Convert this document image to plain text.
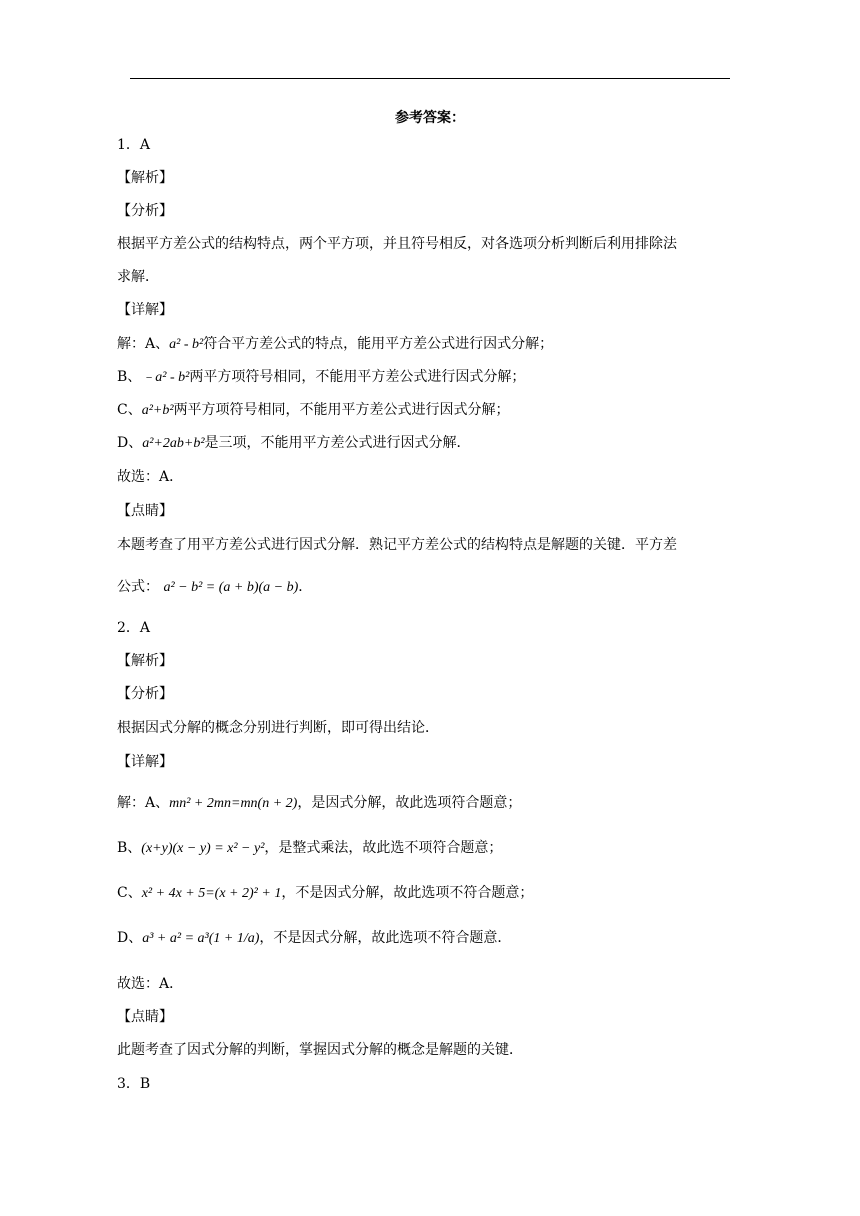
参考答案：
1．A
【解析】
【分析】
根据平方差公式的结构特点，两个平方项，并且符号相反，对各选项分析判断后利用排除法
求解．
【详解】
解：A、a² ‐ b²符合平方差公式的特点，能用平方差公式进行因式分解；
B、﹣a² ‐ b²两平方项符号相同，不能用平方差公式进行因式分解；
C、a²+b²两平方项符号相同，不能用平方差公式进行因式分解；
D、a²+2ab+b²是三项，不能用平方差公式进行因式分解．
故选：A．
【点睛】
本题考查了用平方差公式进行因式分解．熟记平方差公式的结构特点是解题的关键．平方差
公式： a² − b² = (a + b)(a − b)．
2．A
【解析】
【分析】
根据因式分解的概念分别进行判断，即可得出结论．
【详解】
解：A、mn² + 2mn=mn(n + 2)，是因式分解，故此选项符合题意；
B、(x+y)(x − y) = x² − y²，是整式乘法，故此选不项符合题意；
C、x² + 4x + 5=(x + 2)² + 1，不是因式分解，故此选项不符合题意；
D、a³ + a² = a³(1 + 1/a)，不是因式分解，故此选项不符合题意．
故选：A．
【点睛】
此题考查了因式分解的判断，掌握因式分解的概念是解题的关键．
3．B
